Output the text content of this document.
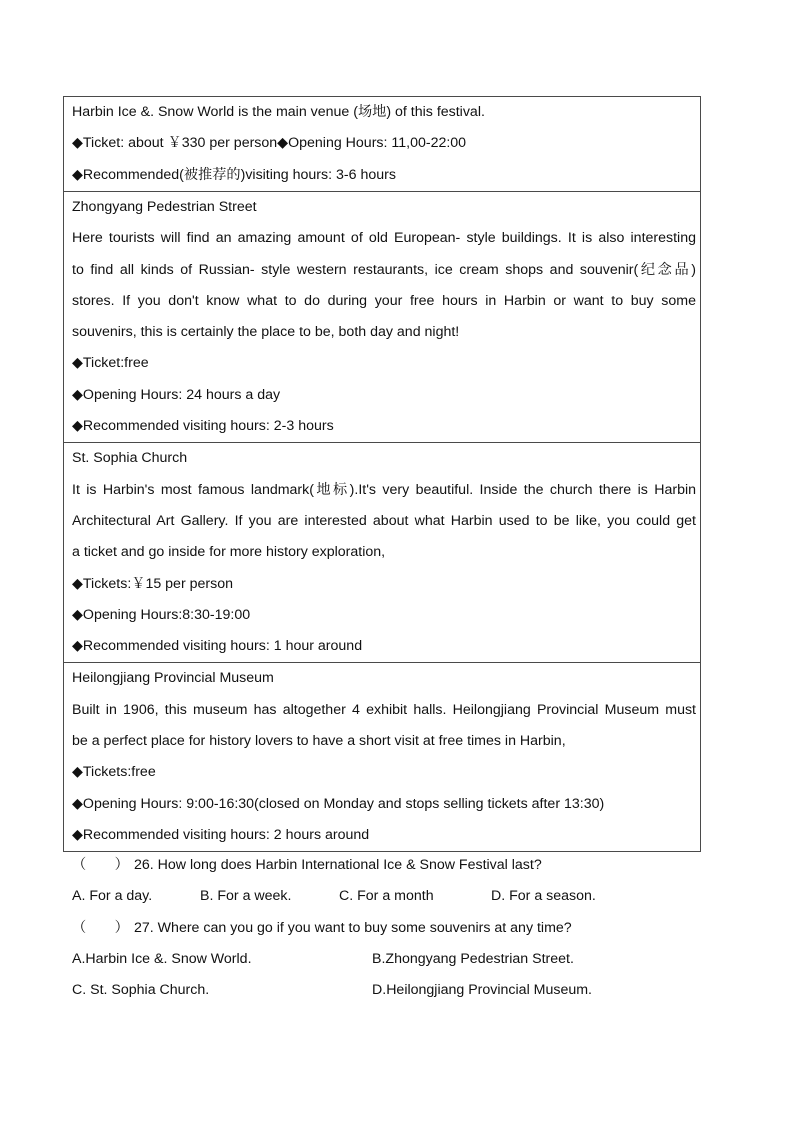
Harbin Ice &. Snow World is the main venue (场地) of this festival.
◆Ticket: about ￥330 per person◆Opening Hours: 11,00-22:00
◆Recommended(被推荐的)visiting hours: 3-6 hours

Zhongyang Pedestrian Street
Here tourists will find an amazing amount of old European- style buildings. It is also interesting
to find all kinds of Russian- style western restaurants, ice cream shops and souvenir(纪念品)
stores. If you don't know what to do during your free hours in Harbin or want to buy some
souvenirs, this is certainly the place to be, both day and night!
◆Ticket:free
◆Opening Hours: 24 hours a day
◆Recommended visiting hours: 2-3 hours

St. Sophia Church
It is Harbin's most famous landmark(地标).It's very beautiful. Inside the church there is Harbin
Architectural Art Gallery. If you are interested about what Harbin used to be like, you could get
a ticket and go inside for more history exploration,
◆Tickets:￥15 per person
◆Opening Hours:8:30-19:00
◆Recommended visiting hours: 1 hour around

Heilongjiang Provincial Museum
Built in 1906, this museum has altogether 4 exhibit halls. Heilongjiang Provincial Museum must
be a perfect place for history lovers to have a short visit at free times in Harbin,
◆Tickets:free
◆Opening Hours: 9:00-16:30(closed on Monday and stops selling tickets after 13:30)
◆Recommended visiting hours: 2 hours around
（　　） 26. How long does Harbin International Ice & Snow Festival last?
A. For a day.	B. For a week.	C. For a month	D. For a season.
（　　） 27. Where can you go if you want to buy some souvenirs at any time?
A.Harbin Ice &. Snow World.	B.Zhongyang Pedestrian Street.
C. St. Sophia Church.	D.Heilongjiang Provincial Museum.
